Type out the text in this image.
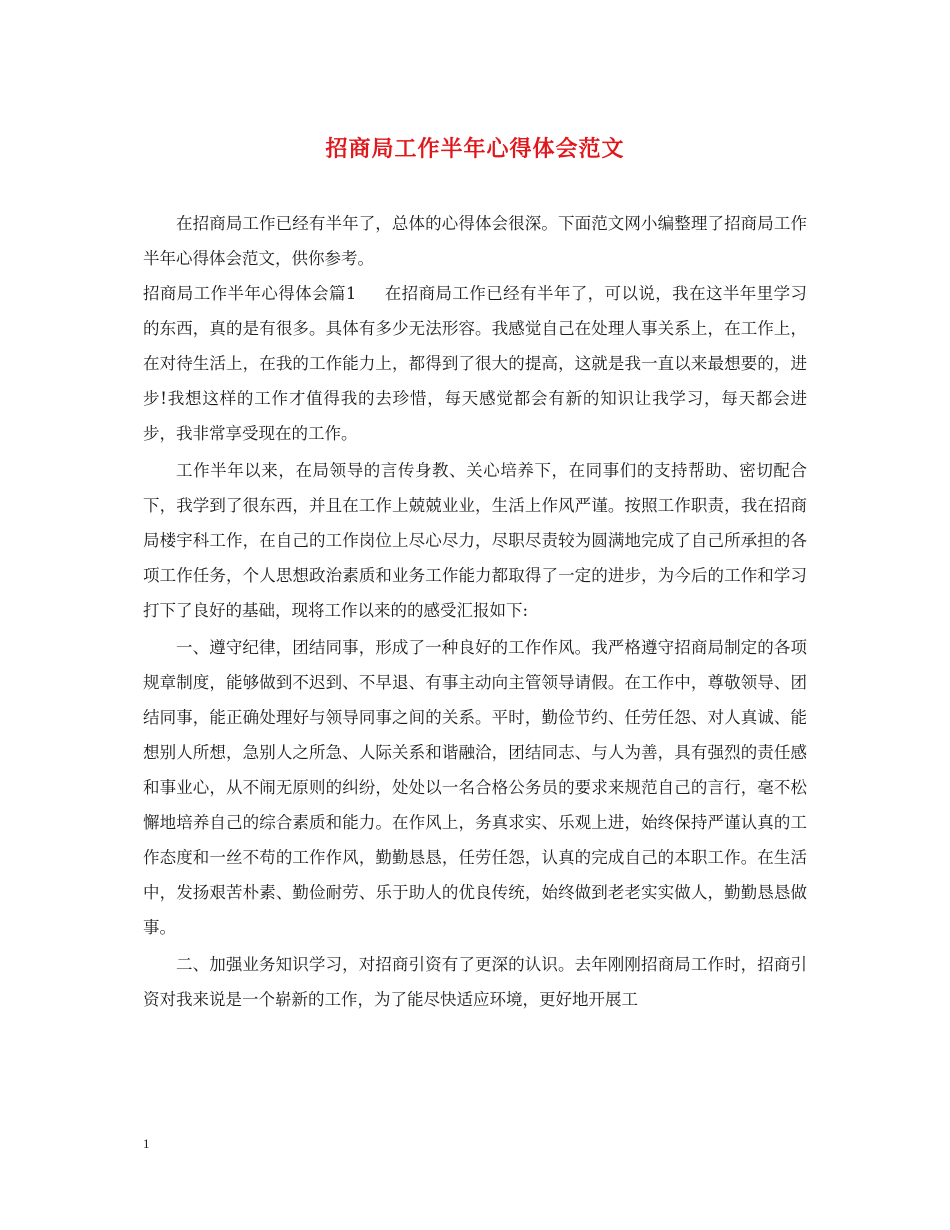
招商局工作半年心得体会范文

在招商局工作已经有半年了，总体的心得体会很深。下面范文网小编整理了招商局工作半年心得体会范文，供你参考。

招商局工作半年心得体会篇1 在招商局工作已经有半年了，可以说，我在这半年里学习的东西，真的是有很多。具体有多少无法形容。我感觉自己在处理人事关系上，在工作上，在对待生活上，在我的工作能力上，都得到了很大的提高，这就是我一直以来最想要的，进步!我想这样的工作才值得我的去珍惜，每天感觉都会有新的知识让我学习，每天都会进步，我非常享受现在的工作。

工作半年以来，在局领导的言传身教、关心培养下，在同事们的支持帮助、密切配合下，我学到了很东西，并且在工作上兢兢业业，生活上作风严谨。按照工作职责，我在招商局楼宇科工作，在自己的工作岗位上尽心尽力，尽职尽责较为圆满地完成了自己所承担的各项工作任务，个人思想政治素质和业务工作能力都取得了一定的进步，为今后的工作和学习打下了良好的基础，现将工作以来的的感受汇报如下:

一、遵守纪律，团结同事，形成了一种良好的工作作风。我严格遵守招商局制定的各项规章制度，能够做到不迟到、不早退、有事主动向主管领导请假。在工作中，尊敬领导、团结同事，能正确处理好与领导同事之间的关系。平时，勤俭节约、任劳任怨、对人真诚、能想别人所想，急别人之所急、人际关系和谐融洽，团结同志、与人为善，具有强烈的责任感和事业心，从不闹无原则的纠纷，处处以一名合格公务员的要求来规范自己的言行，毫不松懈地培养自己的综合素质和能力。在作风上，务真求实、乐观上进，始终保持严谨认真的工作态度和一丝不苟的工作作风，勤勤恳恳，任劳任怨，认真的完成自己的本职工作。在生活中，发扬艰苦朴素、勤俭耐劳、乐于助人的优良传统，始终做到老老实实做人，勤勤恳恳做事。

二、加强业务知识学习，对招商引资有了更深的认识。去年刚刚招商局工作时，招商引资对我来说是一个崭新的工作，为了能尽快适应环境，更好地开展工

1
